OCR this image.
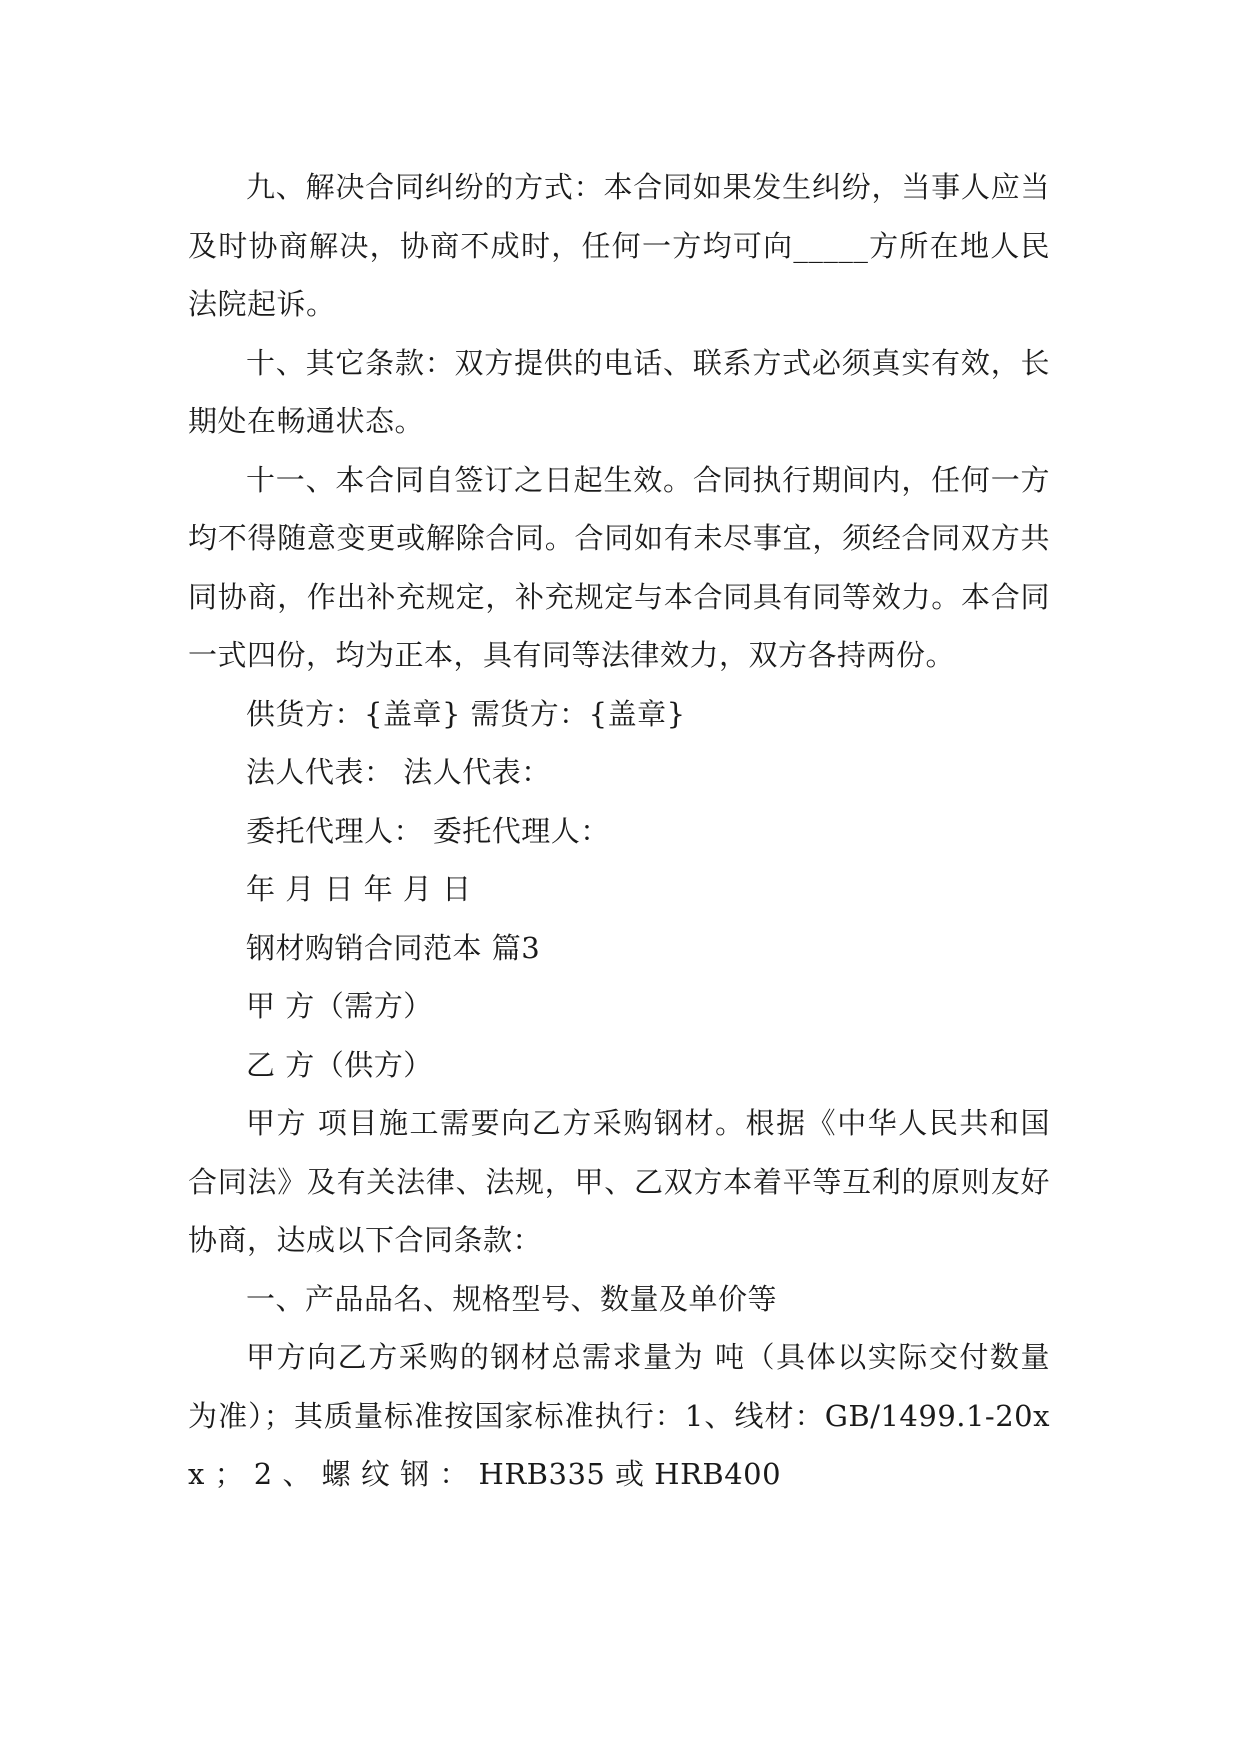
九、解决合同纠纷的方式：本合同如果发生纠纷，当事人应当及时协商解决，协商不成时，任何一方均可向_____方所在地人民法院起诉。

十、其它条款：双方提供的电话、联系方式必须真实有效，长期处在畅通状态。

十一、本合同自签订之日起生效。合同执行期间内，任何一方均不得随意变更或解除合同。合同如有未尽事宜，须经合同双方共同协商，作出补充规定，补充规定与本合同具有同等效力。本合同一式四份，均为正本，具有同等法律效力，双方各持两份。

供货方：{盖章} 需货方：{盖章}

法人代表： 法人代表：

委托代理人： 委托代理人：

年 月 日 年 月 日

钢材购销合同范本 篇3

甲 方（需方）

乙 方（供方）

甲方 项目施工需要向乙方采购钢材。根据《中华人民共和国合同法》及有关法律、法规，甲、乙双方本着平等互利的原则友好协商，达成以下合同条款：

一、产品品名、规格型号、数量及单价等

甲方向乙方采购的钢材总需求量为 吨（具体以实际交付数量为准）；其质量标准按国家标准执行：1、线材：GB/1499.1-20xx ； 2 、 螺 纹 钢 ： HRB335 或 HRB400
